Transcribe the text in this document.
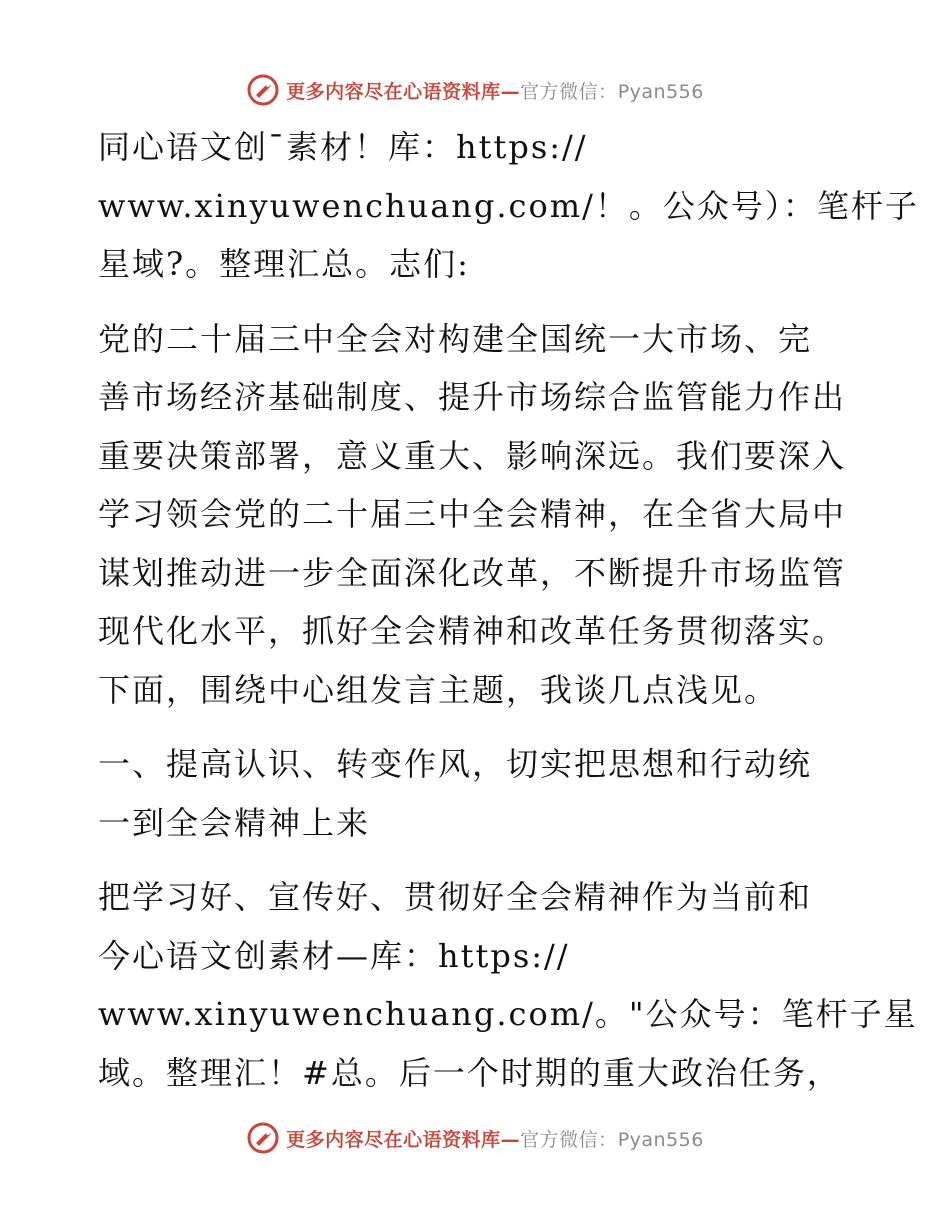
更多内容尽在心语资料库—官方微信：Pyan556

同心语文创¯素材！库：https://
www.xinyuwenchuang.com/！。公众号）：笔杆子
星域?。整理汇总。志们:

党的二十届三中全会对构建全国统一大市场、完
善市场经济基础制度、提升市场综合监管能力作出
重要决策部署，意义重大、影响深远。我们要深入
学习领会党的二十届三中全会精神，在全省大局中
谋划推动进一步全面深化改革，不断提升市场监管
现代化水平，抓好全会精神和改革任务贯彻落实。
下面，围绕中心组发言主题，我谈几点浅见。

一、提高认识、转变作风，切实把思想和行动统
一到全会精神上来

把学习好、宣传好、贯彻好全会精神作为当前和
今心语文创素材—库：https://
www.xinyuwenchuang.com/。"公众号：笔杆子星
域。整理汇！#总。后一个时期的重大政治任务，

更多内容尽在心语资料库—官方微信：Pyan556
